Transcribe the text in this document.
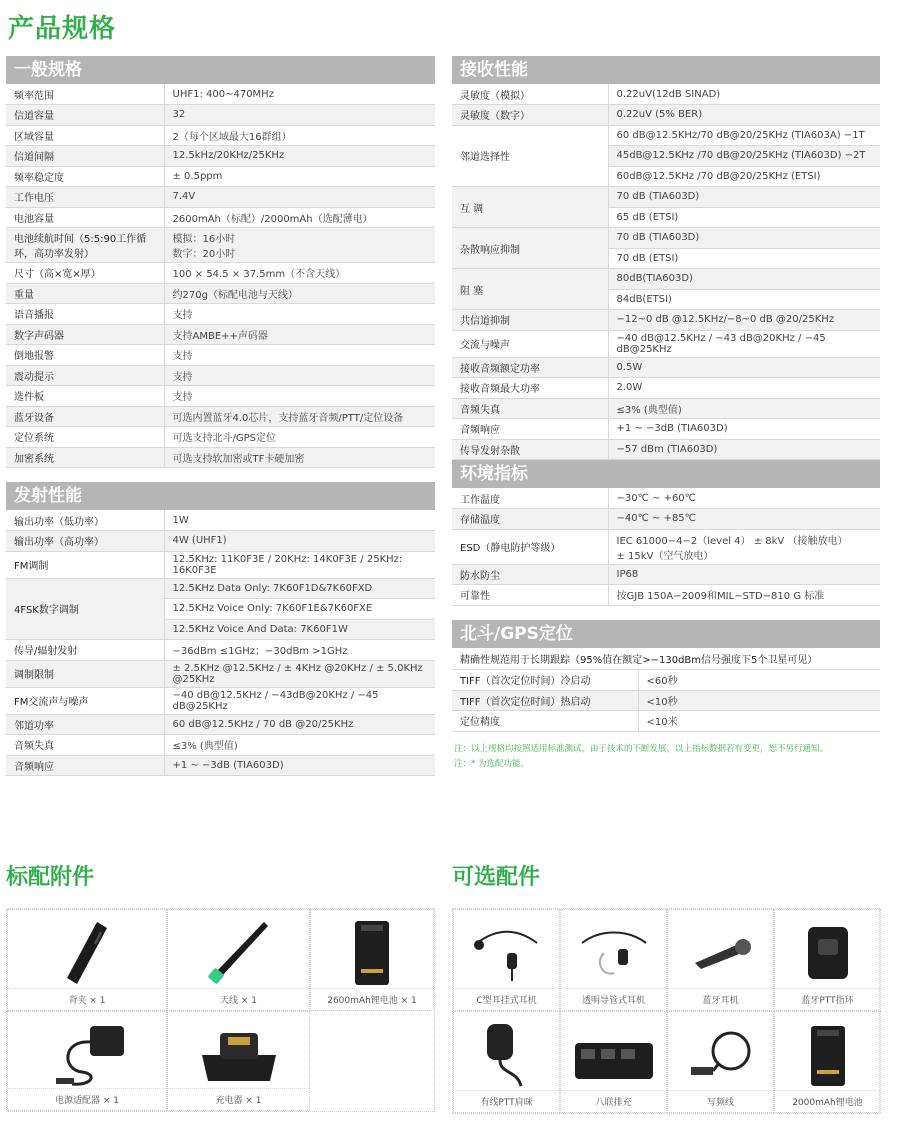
产品规格
一般规格
频率范围	UHF1: 400~470MHz
信道容量	32
区域容量	2（每个区域最大16群组）
信道间隔	12.5kHz/20KHz/25KHz
频率稳定度	± 0.5ppm
工作电压	7.4V
电池容量	2600mAh（标配）/2000mAh（选配薄电）
电池续航时间（5:5:90工作循环，高功率发射）	模拟：16小时
数字：20小时
尺寸（高×宽×厚）	100 × 54.5 × 37.5mm（不含天线）
重量	约270g（标配电池与天线）
语音播报	支持
数字声码器	支持AMBE++声码器
倒地报警	支持
震动提示	支持
选件板	支持
蓝牙设备	可选内置蓝牙4.0芯片，支持蓝牙音频/PTT/定位设备
定位系统	可选支持北斗/GPS定位
加密系统	可选支持软加密或TF卡硬加密
发射性能
输出功率（低功率）	1W
输出功率（高功率）	4W (UHF1)
FM调制	12.5KHz: 11K0F3E / 20KHz: 14K0F3E / 25KHz: 16K0F3E
4FSK数字调制	12.5KHz Data Only: 7K60F1D&7K60FXD
	12.5KHz Voice Only: 7K60F1E&7K60FXE
	12.5KHz Voice And Data: 7K60F1W
传导/辐射发射	−36dBm ≤1GHz；−30dBm >1GHz
调制限制	± 2.5KHz @12.5KHz / ± 4KHz @20KHz / ± 5.0KHz @25KHz
FM交流声与噪声	−40 dB@12.5KHz / −43dB@20KHz / −45 dB@25KHz
邻道功率	60 dB@12.5KHz / 70 dB @20/25KHz
音频失真	≤3% (典型值)
音频响应	+1 ~ −3dB (TIA603D)
接收性能
灵敏度（模拟）	0.22uV(12dB SINAD)
灵敏度（数字）	0.22uV (5% BER)
邻道选择性	60 dB@12.5KHz/70 dB@20/25KHz (TIA603A) −1T
	45dB@12.5KHz /70 dB@20/25KHz (TIA603D) −2T
	60dB@12.5KHz /70 dB@20/25KHz (ETSI)
互 调	70 dB (TIA603D)
	65 dB (ETSI)
杂散响应抑制	70 dB (TIA603D)
	70 dB (ETSI)
阻 塞	80dB(TIA603D)
	84dB(ETSI)
共信道抑制	−12~0 dB @12.5KHz/−8~0 dB @20/25KHz
交流与噪声	−40 dB@12.5KHz / −43 dB@20KHz / −45 dB@25KHz
接收音频额定功率	0.5W
接收音频最大功率	2.0W
音频失真	≤3% (典型值)
音频响应	+1 ~ −3dB (TIA603D)
传导发射杂散	−57 dBm (TIA603D)
环境指标
工作温度	−30℃ ~ +60℃
存储温度	−40℃ ~ +85℃
ESD（静电防护等级）	IEC 61000−4−2（level 4） ± 8kV （接触放电）
± 15kV（空气放电）
防水防尘	IP68
可靠性	按GJB 150A−2009和MIL−STD−810 G 标准
北斗/GPS定位
精确性规范用于长期跟踪（95%值在额定>−130dBm信号强度下5个卫星可见）
TIFF（首次定位时间）冷启动	<60秒
TIFF（首次定位时间）热启动	<10秒
定位精度	<10米
注：以上规格均按照适用标准测试，由于技术的不断发展，以上指标数据若有变更，恕不另行通知。
注：* 为选配功能。
标配附件	可选配件
背夹 × 1	天线 × 1	2600mAh锂电池 × 1
电源适配器 × 1	充电器 × 1
C型耳挂式耳机	透明导管式耳机	蓝牙耳机	蓝牙PTT指环
有线PTT肩咪	八联排充	写频线	2000mAh锂电池
